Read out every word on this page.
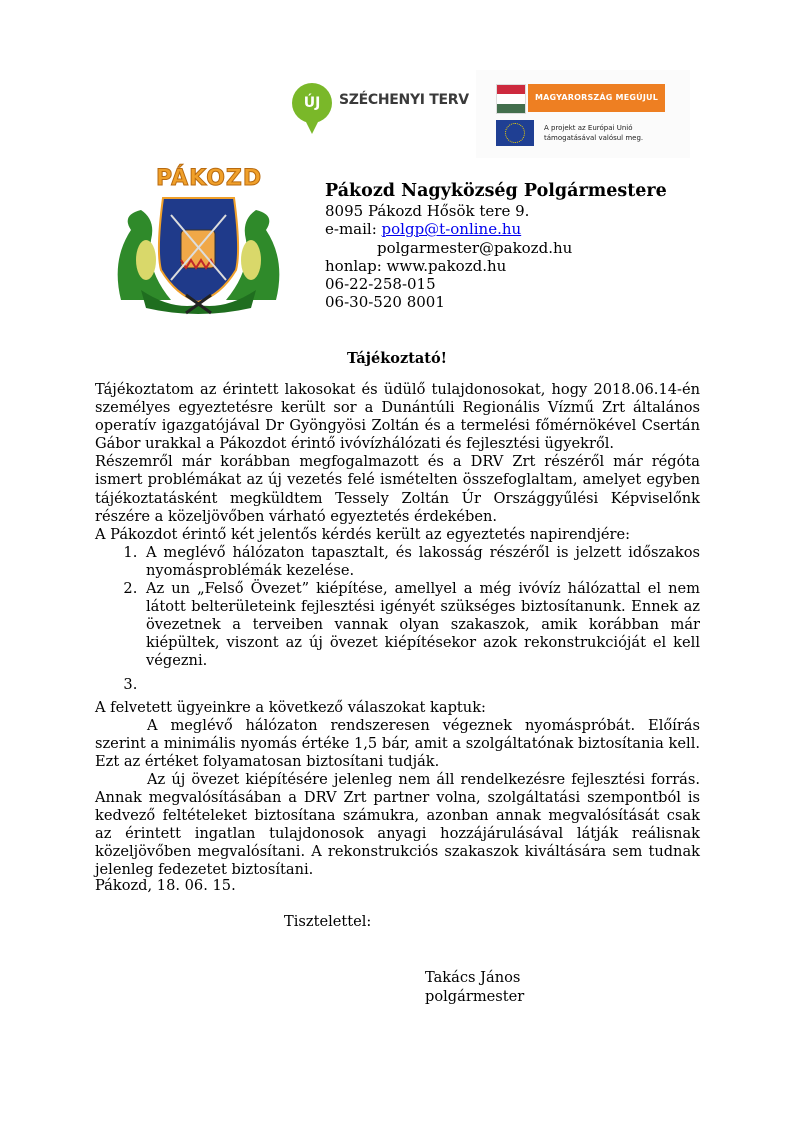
ÚJ	SZÉCHENYI TERV	MAGYARORSZÁG MEGÚJUL
A projekt az Európai Unió
támogatásával valósul meg.
PÁKOZD	Pákozd Nagyközség Polgármestere
8095 Pákozd Hősök tere 9.
e-mail: polgp@t-online.hu
polgarmester@pakozd.hu
honlap: www.pakozd.hu
06-22-258-015
06-30-520 8001
Tájékoztató!

Tájékoztatom az érintett lakosokat és üdülő tulajdonosokat, hogy 2018.06.14-én személyes egyeztetésre került sor a Dunántúli Regionális Vízmű Zrt általános operatív igazgatójával Dr Gyöngyösi Zoltán és a termelési főmérnökével Csertán Gábor urakkal a Pákozdot érintő ivóvízhálózati és fejlesztési ügyekről.

Részemről már korábban megfogalmazott és a DRV Zrt részéről már régóta ismert problémákat az új vezetés felé ismételten összefoglaltam, amelyet egyben tájékoztatásként megküldtem Tessely Zoltán Úr Országgyűlési Képviselőnk részére a közeljövőben várható egyeztetés érdekében.

A Pákozdot érintő két jelentős kérdés került az egyeztetés napirendjére:

1. A meglévő hálózaton tapasztalt, és lakosság részéről is jelzett időszakos nyomásproblémák kezelése.
2. Az un „Felső Övezet” kiépítése, amellyel a még ivóvíz hálózattal el nem látott belterületeink fejlesztési igényét szükséges biztosítanunk. Ennek az övezetnek a terveiben vannak olyan szakaszok, amik korábban már kiépültek, viszont az új övezet kiépítésekor azok rekonstrukcióját el kell végezni.
3.

A felvetett ügyeinkre a következő válaszokat kaptuk:

A meglévő hálózaton rendszeresen végeznek nyomáspróbát. Előírás szerint a minimális nyomás értéke 1,5 bár, amit a szolgáltatónak biztosítania kell. Ezt az értéket folyamatosan biztosítani tudják.

Az új övezet kiépítésére jelenleg nem áll rendelkezésre fejlesztési forrás. Annak megvalósításában a DRV Zrt partner volna, szolgáltatási szempontból is kedvező feltételeket biztosítana számukra, azonban annak megvalósítását csak az érintett ingatlan tulajdonosok anyagi hozzájárulásával látják reálisnak közeljövőben megvalósítani. A rekonstrukciós szakaszok kiváltására sem tudnak jelenleg fedezetet biztosítani.

Pákozd, 18. 06. 15.
Tisztelettel:
Takács János
polgármester
